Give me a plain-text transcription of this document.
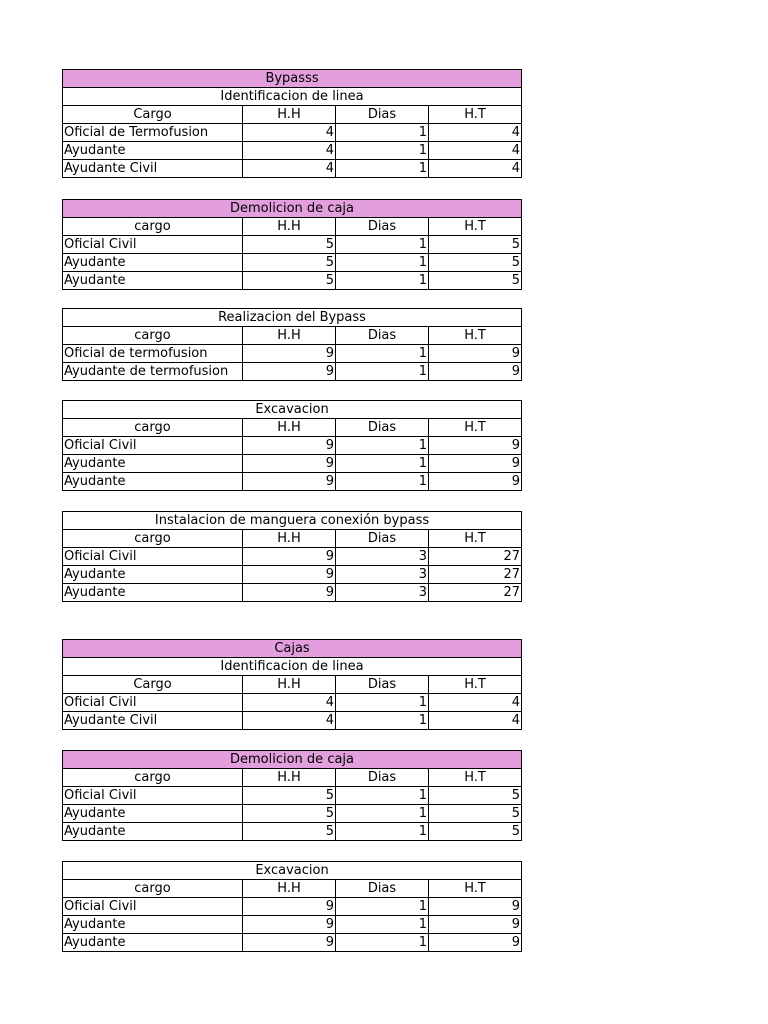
Bypasss			
Identificacion de linea			
Cargo	H.H	Dias	H.T
Oficial de Termofusion	4	1	4
Ayudante	4	1	4
Ayudante Civil	4	1	4
Demolicion de caja			
cargo	H.H	Dias	H.T
Oficial Civil	5	1	5
Ayudante	5	1	5
Ayudante	5	1	5
Realizacion del Bypass			
cargo	H.H	Dias	H.T
Oficial de termofusion	9	1	9
Ayudante de termofusion	9	1	9
Excavacion			
cargo	H.H	Dias	H.T
Oficial Civil	9	1	9
Ayudante	9	1	9
Ayudante	9	1	9
Instalacion de manguera conexión bypass			
cargo	H.H	Dias	H.T
Oficial Civil	9	3	27
Ayudante	9	3	27
Ayudante	9	3	27
Cajas			
Identificacion de linea			
Cargo	H.H	Dias	H.T
Oficial Civil	4	1	4
Ayudante Civil	4	1	4
Demolicion de caja			
cargo	H.H	Dias	H.T
Oficial Civil	5	1	5
Ayudante	5	1	5
Ayudante	5	1	5
Excavacion			
cargo	H.H	Dias	H.T
Oficial Civil	9	1	9
Ayudante	9	1	9
Ayudante	9	1	9
